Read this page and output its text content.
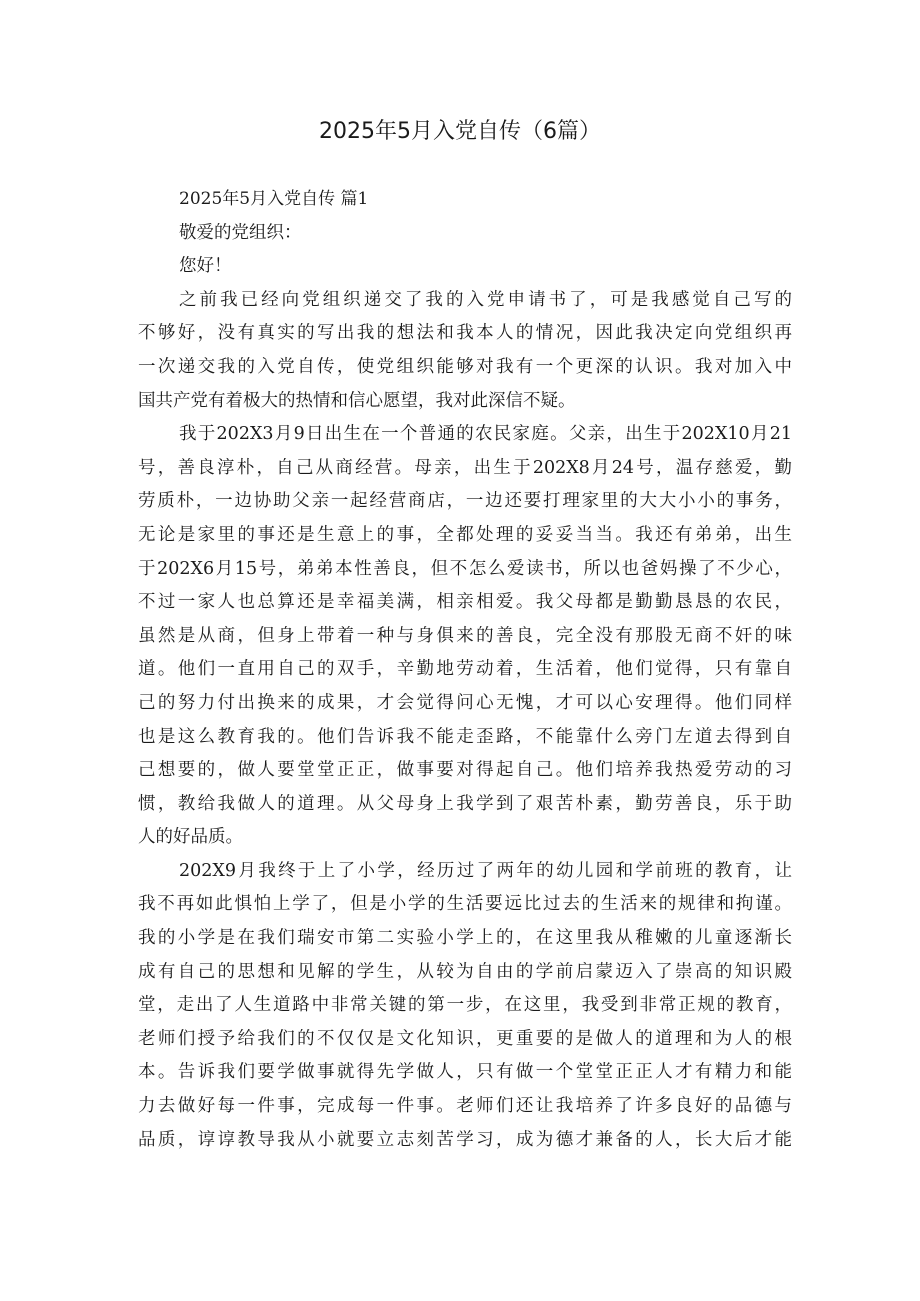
2025年5月入党自传（6篇）
2025年5月入党自传 篇1
敬爱的党组织：
您好！
之前我已经向党组织递交了我的入党申请书了，可是我感觉自己写的
不够好，没有真实的写出我的想法和我本人的情况，因此我决定向党组织再
一次递交我的入党自传，使党组织能够对我有一个更深的认识。我对加入中
国共产党有着极大的热情和信心愿望，我对此深信不疑。
我于202X3月9日出生在一个普通的农民家庭。父亲，出生于202X10月21
号，善良淳朴，自己从商经营。母亲，出生于202X8月24号，温存慈爱，勤
劳质朴，一边协助父亲一起经营商店，一边还要打理家里的大大小小的事务，
无论是家里的事还是生意上的事，全都处理的妥妥当当。我还有弟弟，出生
于202X6月15号，弟弟本性善良，但不怎么爱读书，所以也爸妈操了不少心，
不过一家人也总算还是幸福美满，相亲相爱。我父母都是勤勤恳恳的农民，
虽然是从商，但身上带着一种与身俱来的善良，完全没有那股无商不奸的味
道。他们一直用自己的双手，辛勤地劳动着，生活着，他们觉得，只有靠自
己的努力付出换来的成果，才会觉得问心无愧，才可以心安理得。他们同样
也是这么教育我的。他们告诉我不能走歪路，不能靠什么旁门左道去得到自
己想要的，做人要堂堂正正，做事要对得起自己。他们培养我热爱劳动的习
惯，教给我做人的道理。从父母身上我学到了艰苦朴素，勤劳善良，乐于助
人的好品质。
202X9月我终于上了小学，经历过了两年的幼儿园和学前班的教育，让
我不再如此惧怕上学了，但是小学的生活要远比过去的生活来的规律和拘谨。
我的小学是在我们瑞安市第二实验小学上的，在这里我从稚嫩的儿童逐渐长
成有自己的思想和见解的学生，从较为自由的学前启蒙迈入了崇高的知识殿
堂，走出了人生道路中非常关键的第一步，在这里，我受到非常正规的教育，
老师们授予给我们的不仅仅是文化知识，更重要的是做人的道理和为人的根
本。告诉我们要学做事就得先学做人，只有做一个堂堂正正人才有精力和能
力去做好每一件事，完成每一件事。老师们还让我培养了许多良好的品德与
品质，谆谆教导我从小就要立志刻苦学习，成为德才兼备的人，长大后才能
